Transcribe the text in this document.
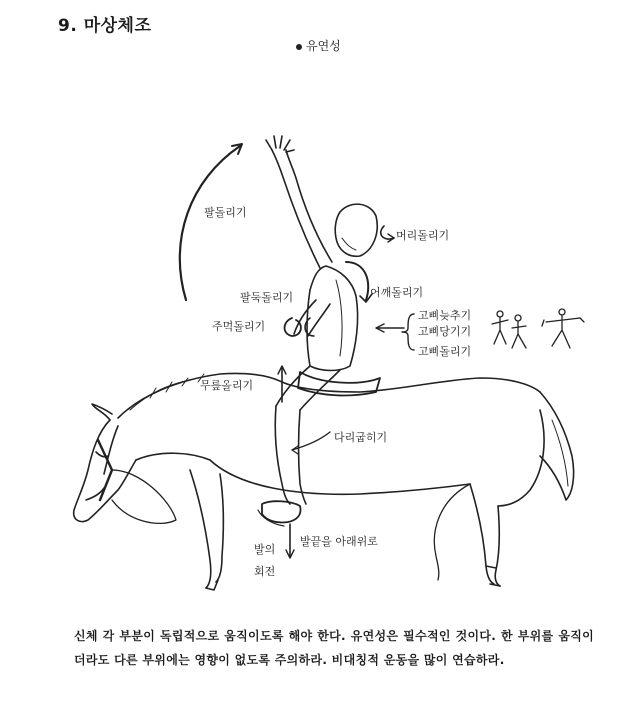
9. 마상체조
유연성
팔돌리기
머리돌리기
어깨돌리기
팔둑돌리기
주먹돌리기
고삐늦추기
고삐당기기
고삐돌리기
무릎올리기
다리굽히기
발의
회전
발끝을 아래위로
신체 각 부분이 독립적으로 움직이도록 해야 한다. 유연성은 필수적인 것이다. 한 부위를 움직이더라도 다른 부위에는 영향이 없도록 주의하라. 비대칭적 운동을 많이 연습하라.
